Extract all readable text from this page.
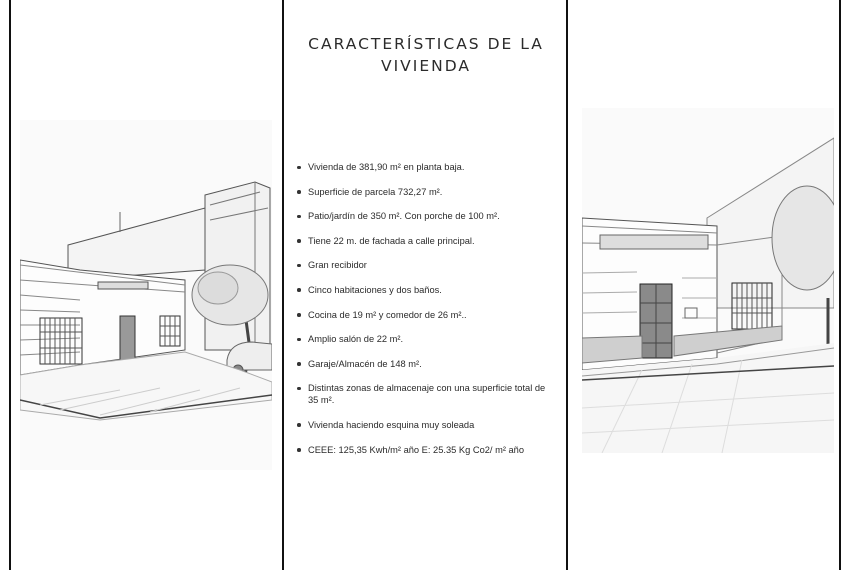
CARACTERÍSTICAS DE LA
VIVIENDA
Vivienda de 381,90 m² en planta baja.
Superficie de parcela 732,27 m².
Patio/jardín de 350 m². Con porche de 100 m².
Tiene 22 m. de fachada a calle principal.
Gran recibidor
Cinco habitaciones y dos baños.
Cocina de 19 m² y comedor de 26 m²..
Amplio salón de 22 m².
Garaje/Almacén de 148 m².
Distintas zonas de almacenaje con una superficie total de 35 m².
Vivienda haciendo esquina muy soleada
CEEE: 125,35 Kwh/m² año E: 25.35 Kg Co2/ m² año
